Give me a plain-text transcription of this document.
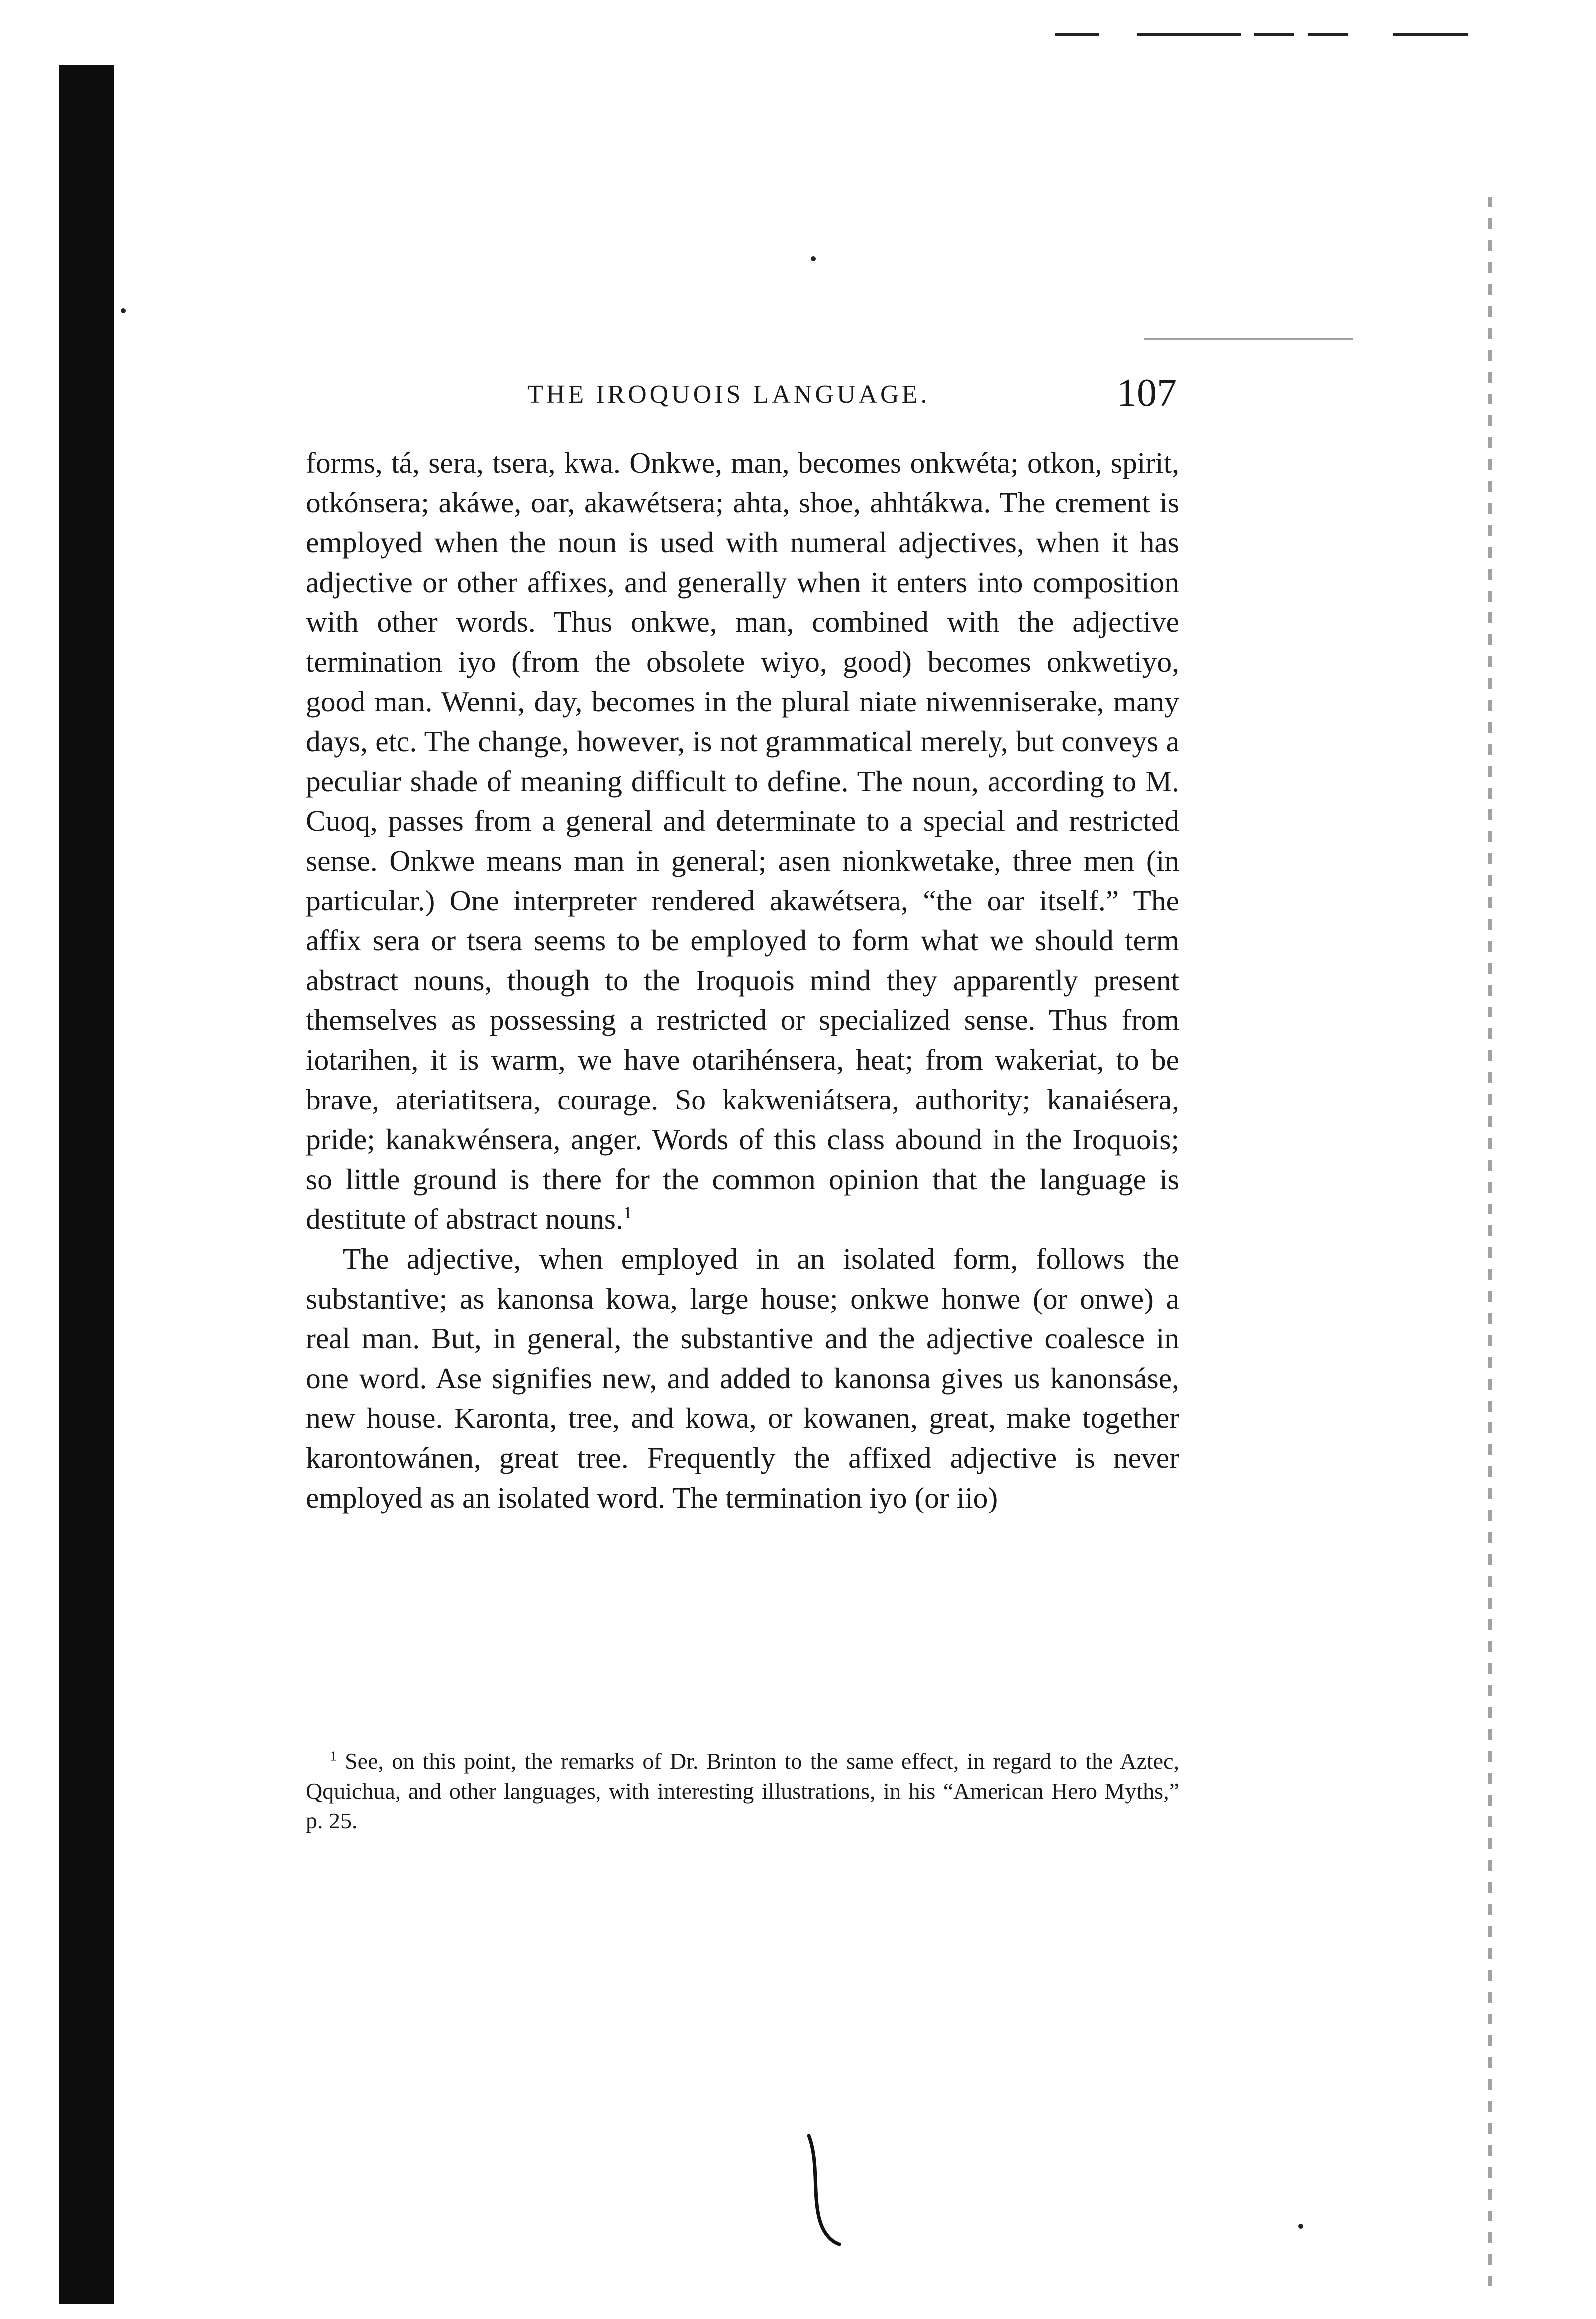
THE IROQUOIS LANGUAGE.	107

forms, tá, sera, tsera, kwa. Onkwe, man, becomes onkwéta; otkon, spirit, otkónsera; akáwe, oar, akawétsera; ahta, shoe, ahhtákwa. The crement is employed when the noun is used with numeral adjectives, when it has adjective or other affixes, and generally when it enters into composition with other words. Thus onkwe, man, combined with the adjective termination iyo (from the obsolete wiyo, good) becomes onkwetiyo, good man. Wenni, day, becomes in the plural niate niwenniserake, many days, etc. The change, however, is not grammatical merely, but conveys a peculiar shade of meaning difficult to define. The noun, according to M. Cuoq, passes from a general and determinate to a special and restricted sense. Onkwe means man in general; asen nionkwetake, three men (in particular.) One interpreter rendered akawétsera, “the oar itself.” The affix sera or tsera seems to be employed to form what we should term abstract nouns, though to the Iroquois mind they apparently present themselves as possessing a restricted or specialized sense. Thus from iotarihen, it is warm, we have otarihénsera, heat; from wakeriat, to be brave, ateriatitsera, courage. So kakweniátsera, authority; kanaiésera, pride; kanakwénsera, anger. Words of this class abound in the Iroquois; so little ground is there for the common opinion that the language is destitute of abstract nouns.$^1$

The adjective, when employed in an isolated form, follows the substantive; as kanonsa kowa, large house; onkwe honwe (or onwe) a real man. But, in general, the substantive and the adjective coalesce in one word. Ase signifies new, and added to kanonsa gives us kanonsáse, new house. Karonta, tree, and kowa, or kowanen, great, make together karontowánen, great tree. Frequently the affixed adjective is never employed as an isolated word. The termination iyo (or iio)

$^1$ See, on this point, the remarks of Dr. Brinton to the same effect, in regard to the Aztec, Qquichua, and other languages, with interesting illustrations, in his “American Hero Myths,” p. 25.
